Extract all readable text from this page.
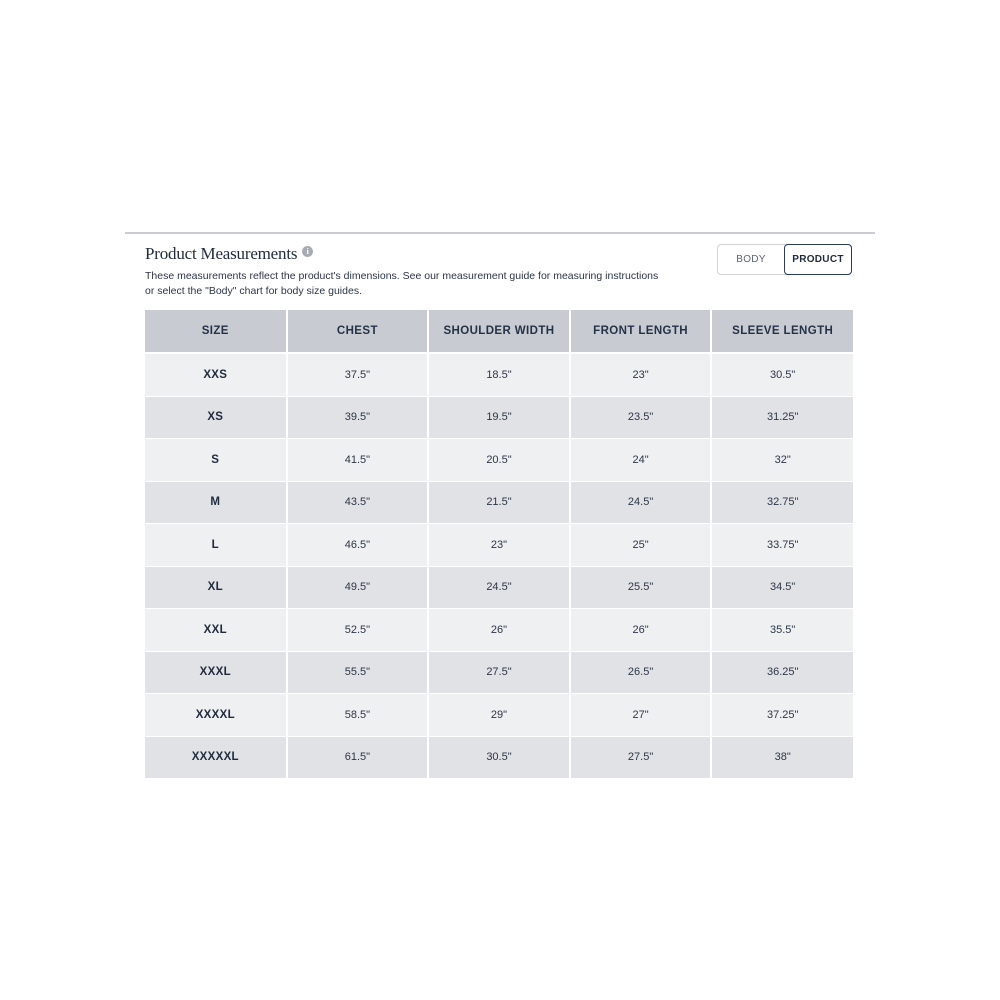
Product Measurements	i
These measurements reflect the product's dimensions. See our measurement guide for measuring instructions or select the "Body" chart for body size guides.
BODY	PRODUCT
SIZE	CHEST	SHOULDER WIDTH	FRONT LENGTH	SLEEVE LENGTH
XXS	37.5"	18.5"	23"	30.5"
XS	39.5"	19.5"	23.5"	31.25"
S	41.5"	20.5"	24"	32"
M	43.5"	21.5"	24.5"	32.75"
L	46.5"	23"	25"	33.75"
XL	49.5"	24.5"	25.5"	34.5"
XXL	52.5"	26"	26"	35.5"
XXXL	55.5"	27.5"	26.5"	36.25"
XXXXL	58.5"	29"	27"	37.25"
XXXXXL	61.5"	30.5"	27.5"	38"
